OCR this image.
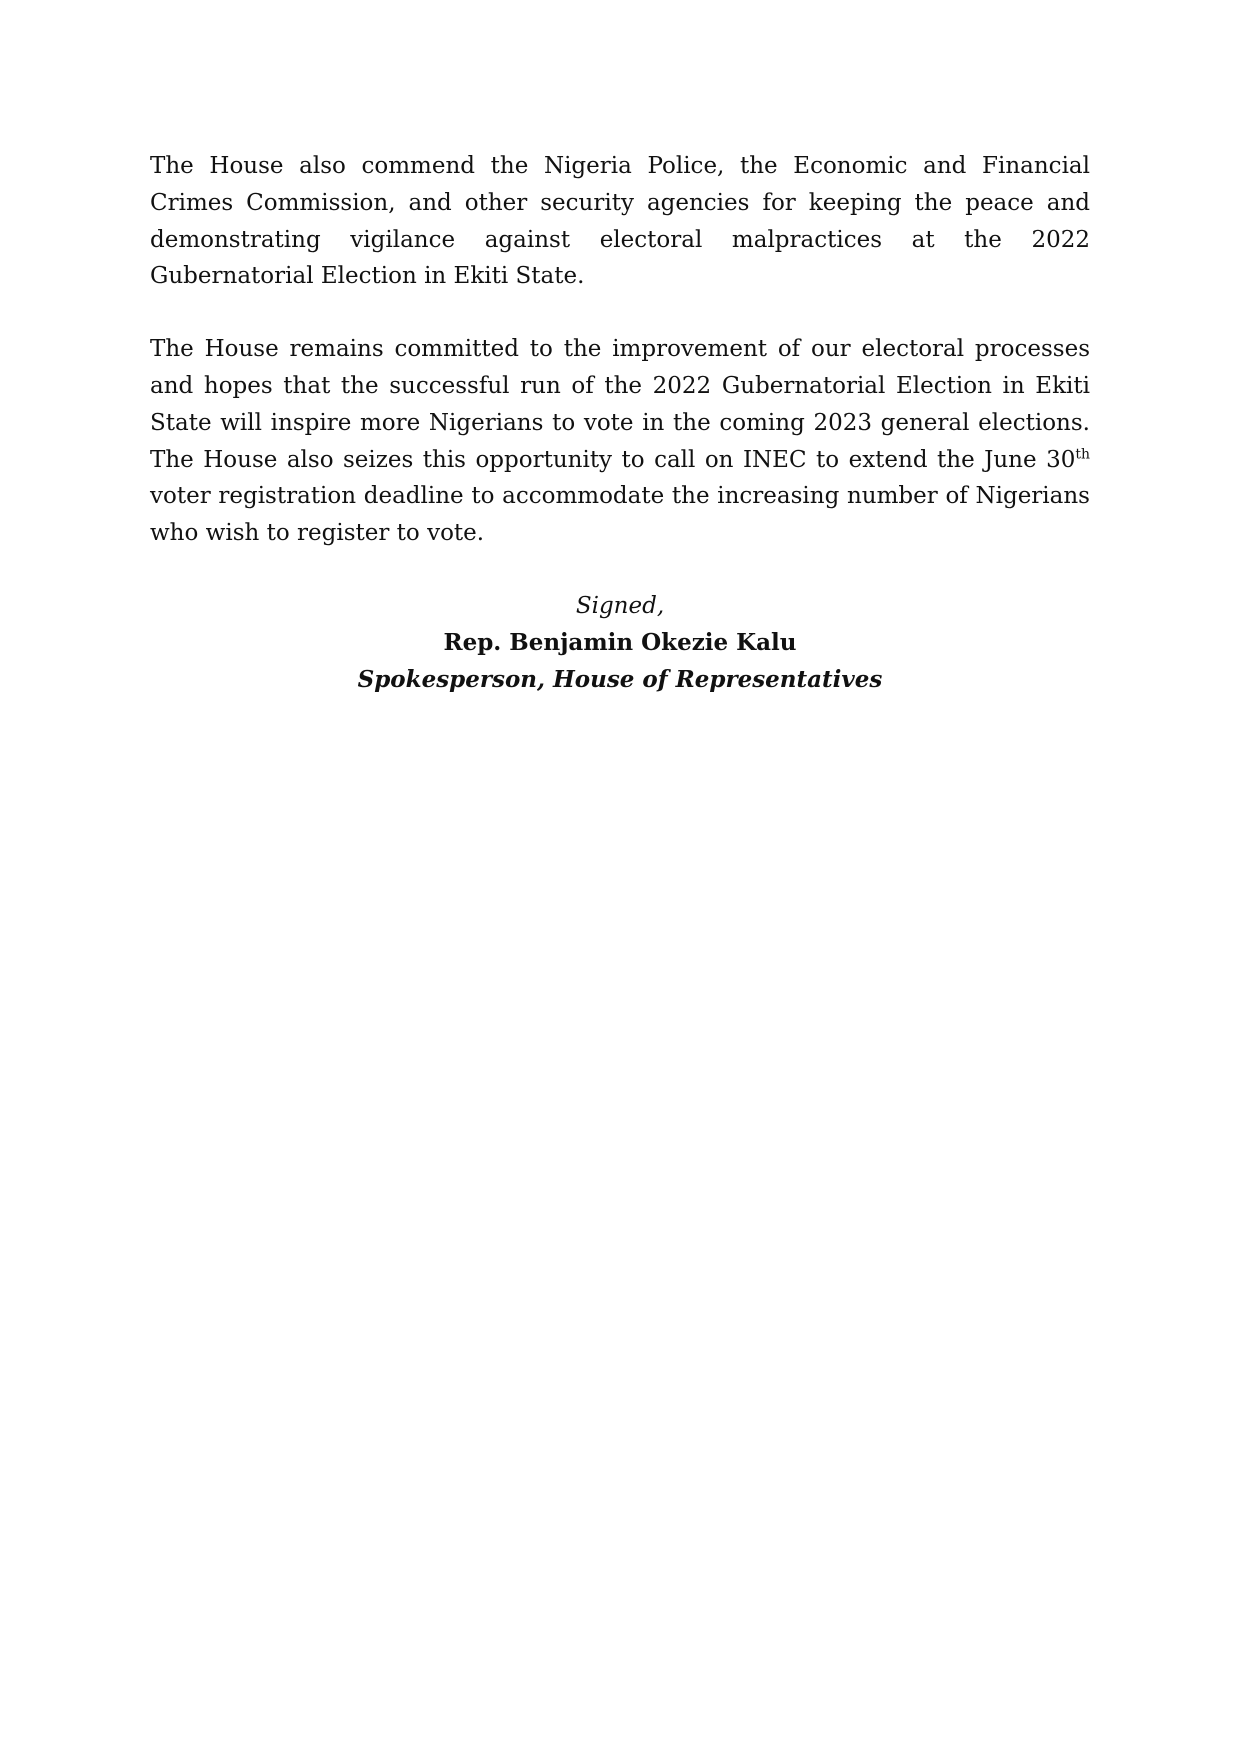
The House also commend the Nigeria Police, the Economic and Financial Crimes Commission, and other security agencies for keeping the peace and demonstrating vigilance against electoral malpractices at the 2022 Gubernatorial Election in Ekiti State.

The House remains committed to the improvement of our electoral processes and hopes that the successful run of the 2022 Gubernatorial Election in Ekiti State will inspire more Nigerians to vote in the coming 2023 general elections. The House also seizes this opportunity to call on INEC to extend the June 30th voter registration deadline to accommodate the increasing number of Nigerians who wish to register to vote.

Signed,
Rep. Benjamin Okezie Kalu
Spokesperson, House of Representatives
